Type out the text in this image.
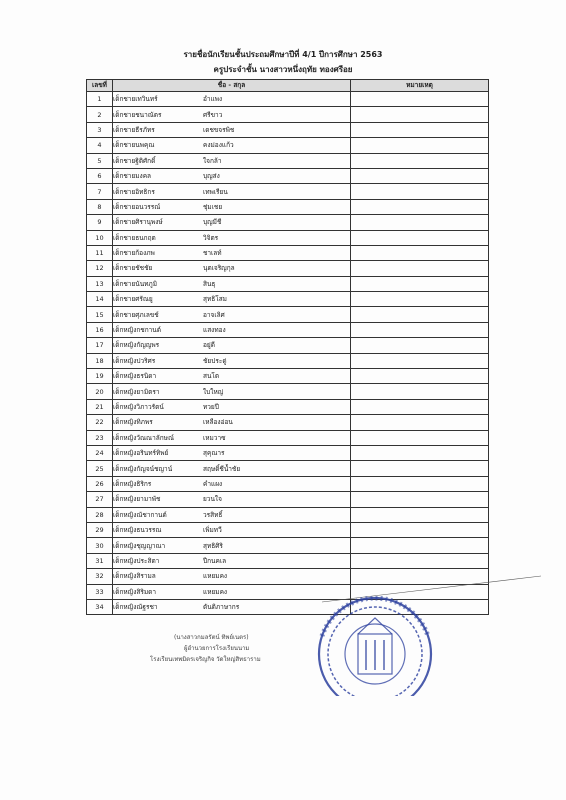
รายชื่อนักเรียนชั้นประถมศึกษาปีที่ 4/1 ปีการศึกษา 2563
ครูประจำชั้น นางสาวหนึ่งฤทัย ทองศรีอย
เลขที่	ชื่อ - สกุล	หมายเหตุ
1	เด็กชายเทวินทร์ อำแพง	
2	เด็กชายชนาณัตร ศรีขาว	
3	เด็กชายธีรภัทร เดชขจรพิช	
4	เด็กชายนพคุณ คงม่องแก้ว	
5	เด็กชายฐิติศักดิ์ ใจกล้า	
6	เด็กชายมงคล บุญส่ง	
7	เด็กชายอิทธิกร เทพเรียน	
8	เด็กชายอนวรรณ์ ชุ่มเชย	
9	เด็กชายศิรานุพงษ์ บุญมีชี	
10	เด็กชายธนกฤต วิจิตร	
11	เด็กชายก้องภพ ชาเลท์	
12	เด็กชายชัชชัย นุตเจริญกุล	
13	เด็กชายนันทภูมิ สินธุ	
14	เด็กชายศรัณยู สุทธิโสม	
15	เด็กชายศุภเลขช์ อาจเลิศ	
16	เด็กหญิงกชกานต์ แสงทอง	
17	เด็กหญิงกัญญพร อยู่ดี	
18	เด็กหญิงปวริศร ชัยประดู่	
19	เด็กหญิงธรนิดา สนโต	
20	เด็กหญิงยามิตรา ใบใหญ่	
21	เด็กหญิงวิภาวรัตน์ ทวยปี	
22	เด็กหญิงทิภพร เหลืองอ่อน	
23	เด็กหญิงวัณณาลักษณ์ เหมวาซ	
24	เด็กหญิงอรินทร์ทิพย์ สุคุณาร	
25	เด็กหญิงกัญจน์ชญาน์ สฤษดิ์ชีน้ำชัย	
26	เด็กหญิงธิริกร คำแผง	
27	เด็กหญิงยามาพัช ยวนใจ	
28	เด็กหญิงณัชากานต์ วรสิทธิ์	
29	เด็กหญิงธนวรรณ เพิ่มทวี	
30	เด็กหญิงชุญญาณา สุทธิศิริ	
31	เด็กหญิงประสิตา ปีกนคเล	
32	เด็กหญิงสิรามล แหยมคง	
33	เด็กหญิงสิริมดา แหยมคง	
34	เด็กหญิงณัฐรชา ตันติภาษากร	
(นางสาวกมลรัตน์ ทิพย์เนตร)
ผู้อำนวยการโรงเรียนนาม
โรงเรียนเทพมิตรเจริญกิจ วัดใหญ่สิทธาราม
